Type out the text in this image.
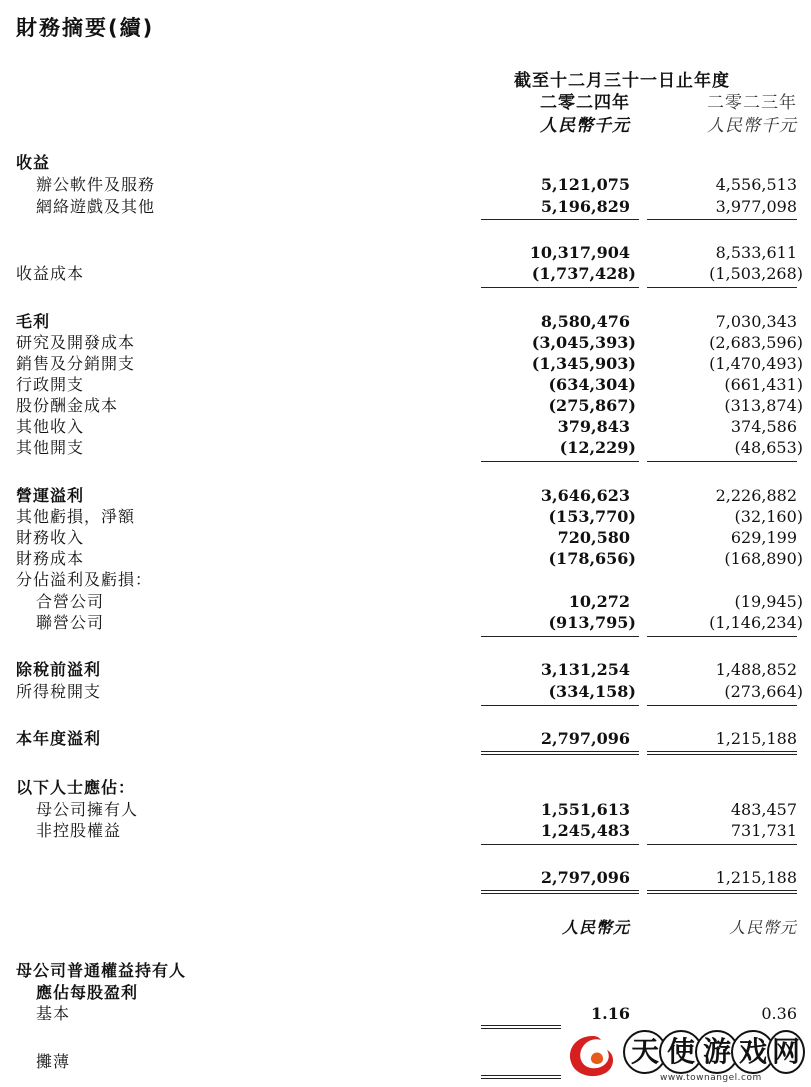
財務摘要(續)
截至十二月三十一日止年度
二零二四年	二零二三年
人民幣千元	人民幣千元
收益
辦公軟件及服務	5,121,075	4,556,513
網絡遊戲及其他	5,196,829	3,977,098
10,317,904	8,533,611
收益成本	(1,737,428)	(1,503,268)
毛利	8,580,476	7,030,343
研究及開發成本	(3,045,393)	(2,683,596)
銷售及分銷開支	(1,345,903)	(1,470,493)
行政開支	(634,304)	(661,431)
股份酬金成本	(275,867)	(313,874)
其他收入	379,843	374,586
其他開支	(12,229)	(48,653)
營運溢利	3,646,623	2,226,882
其他虧損，淨額	(153,770)	(32,160)
財務收入	720,580	629,199
財務成本	(178,656)	(168,890)
分佔溢利及虧損：
合營公司	10,272	(19,945)
聯營公司	(913,795)	(1,146,234)
除稅前溢利	3,131,254	1,488,852
所得稅開支	(334,158)	(273,664)
本年度溢利	2,797,096	1,215,188
以下人士應佔：
母公司擁有人	1,551,613	483,457
非控股權益	1,245,483	731,731
2,797,096	1,215,188
人民幣元	人民幣元
母公司普通權益持有人
應佔每股盈利
基本	1.16	0.36
攤薄	天 使 游 戏 网
www.townangel.com
